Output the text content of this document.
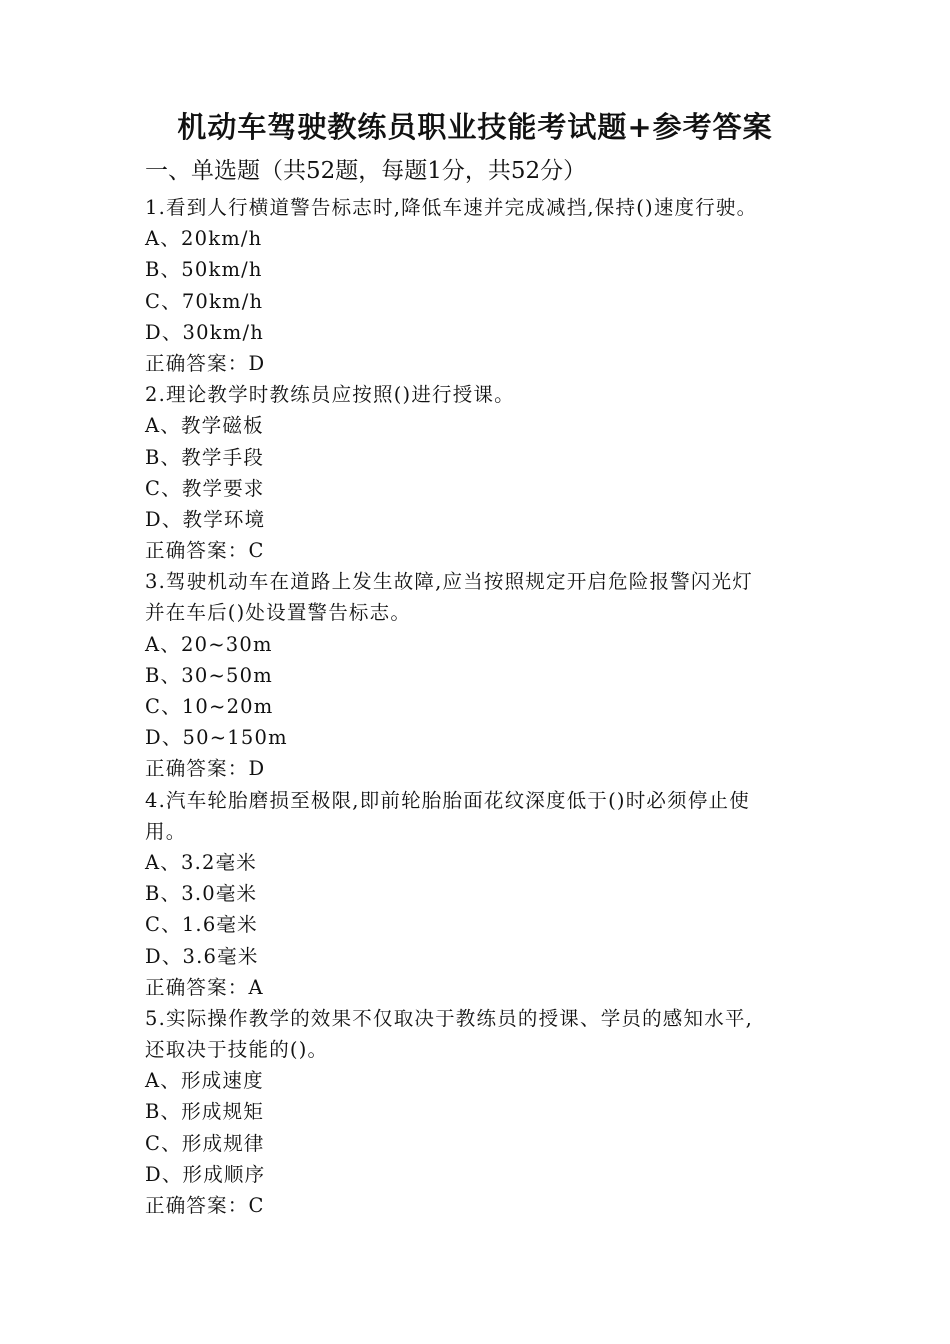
机动车驾驶教练员职业技能考试题+参考答案
一、单选题（共52题，每题1分，共52分）
1.看到人行横道警告标志时,降低车速并完成减挡,保持()速度行驶。
A、20km/h
B、50km/h
C、70km/h
D、30km/h
正确答案：D
2.理论教学时教练员应按照()进行授课。
A、教学磁板
B、教学手段
C、教学要求
D、教学环境
正确答案：C
3.驾驶机动车在道路上发生故障,应当按照规定开启危险报警闪光灯
并在车后()处设置警告标志。
A、20~30m
B、30~50m
C、10~20m
D、50~150m
正确答案：D
4.汽车轮胎磨损至极限,即前轮胎胎面花纹深度低于()时必须停止使
用。
A、3.2毫米
B、3.0毫米
C、1.6毫米
D、3.6毫米
正确答案：A
5.实际操作教学的效果不仅取决于教练员的授课、学员的感知水平,
还取决于技能的()。
A、形成速度
B、形成规矩
C、形成规律
D、形成顺序
正确答案：C
